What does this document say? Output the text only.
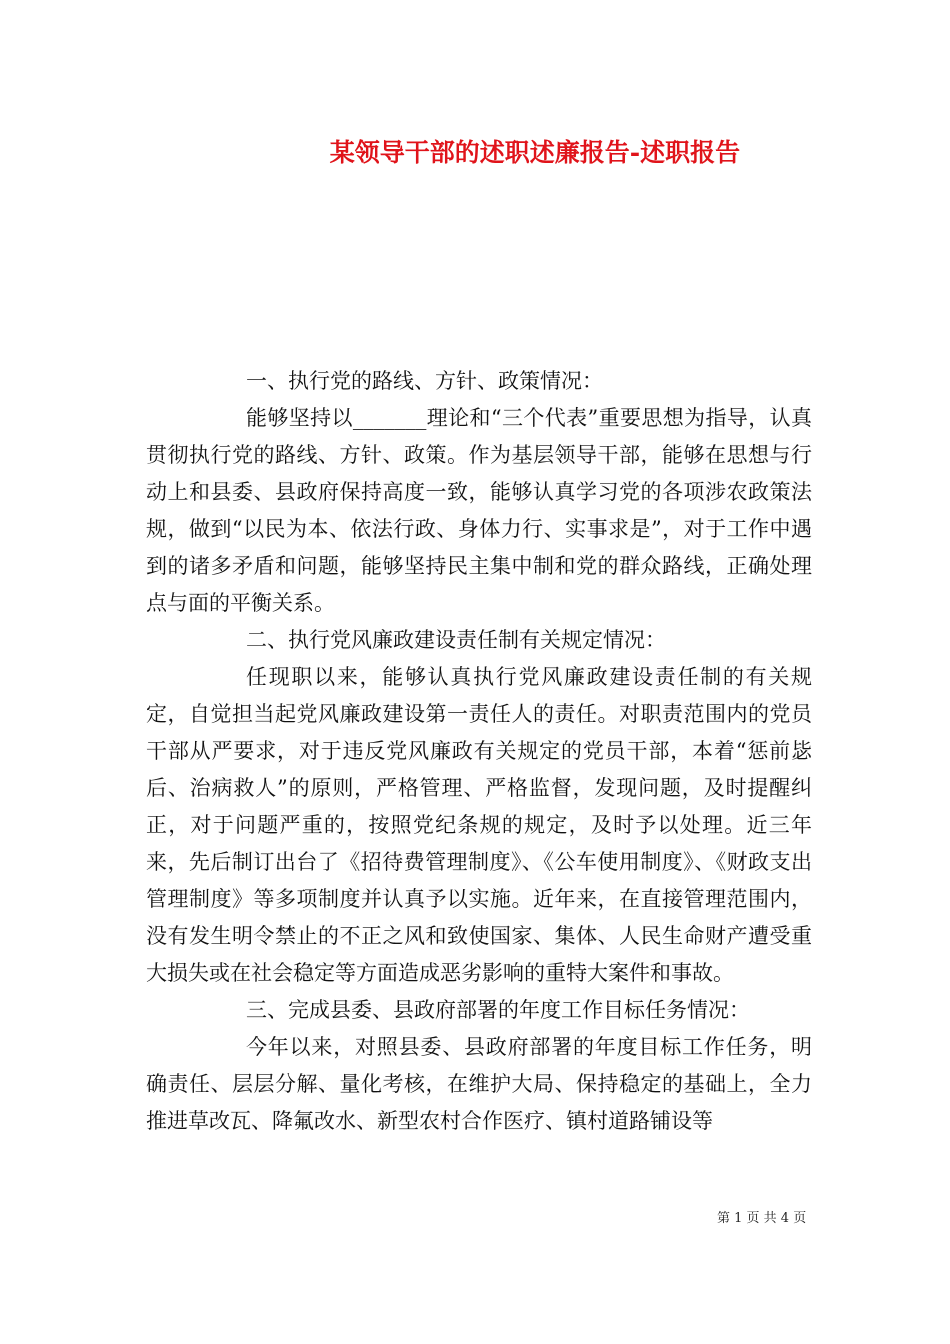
某领导干部的述职述廉报告-述职报告

一、执行党的路线、方针、政策情况：

能够坚持以_______理论和“三个代表”重要思想为指导，认真贯彻执行党的路线、方针、政策。作为基层领导干部，能够在思想与行动上和县委、县政府保持高度一致，能够认真学习党的各项涉农政策法规，做到“以民为本、依法行政、身体力行、实事求是”，对于工作中遇到的诸多矛盾和问题，能够坚持民主集中制和党的群众路线，正确处理点与面的平衡关系。

二、执行党风廉政建设责任制有关规定情况：

任现职以来，能够认真执行党风廉政建设责任制的有关规定，自觉担当起党风廉政建设第一责任人的责任。对职责范围内的党员干部从严要求，对于违反党风廉政有关规定的党员干部，本着“惩前毖后、治病救人”的原则，严格管理、严格监督，发现问题，及时提醒纠正，对于问题严重的，按照党纪条规的规定，及时予以处理。近三年来，先后制订出台了《招待费管理制度》、《公车使用制度》、《财政支出管理制度》等多项制度并认真予以实施。近年来，在直接管理范围内，没有发生明令禁止的不正之风和致使国家、集体、人民生命财产遭受重大损失或在社会稳定等方面造成恶劣影响的重特大案件和事故。

三、完成县委、县政府部署的年度工作目标任务情况：

今年以来，对照县委、县政府部署的年度目标工作任务，明确责任、层层分解、量化考核，在维护大局、保持稳定的基础上，全力推进草改瓦、降氟改水、新型农村合作医疗、镇村道路铺设等

第 1 页 共 4 页
